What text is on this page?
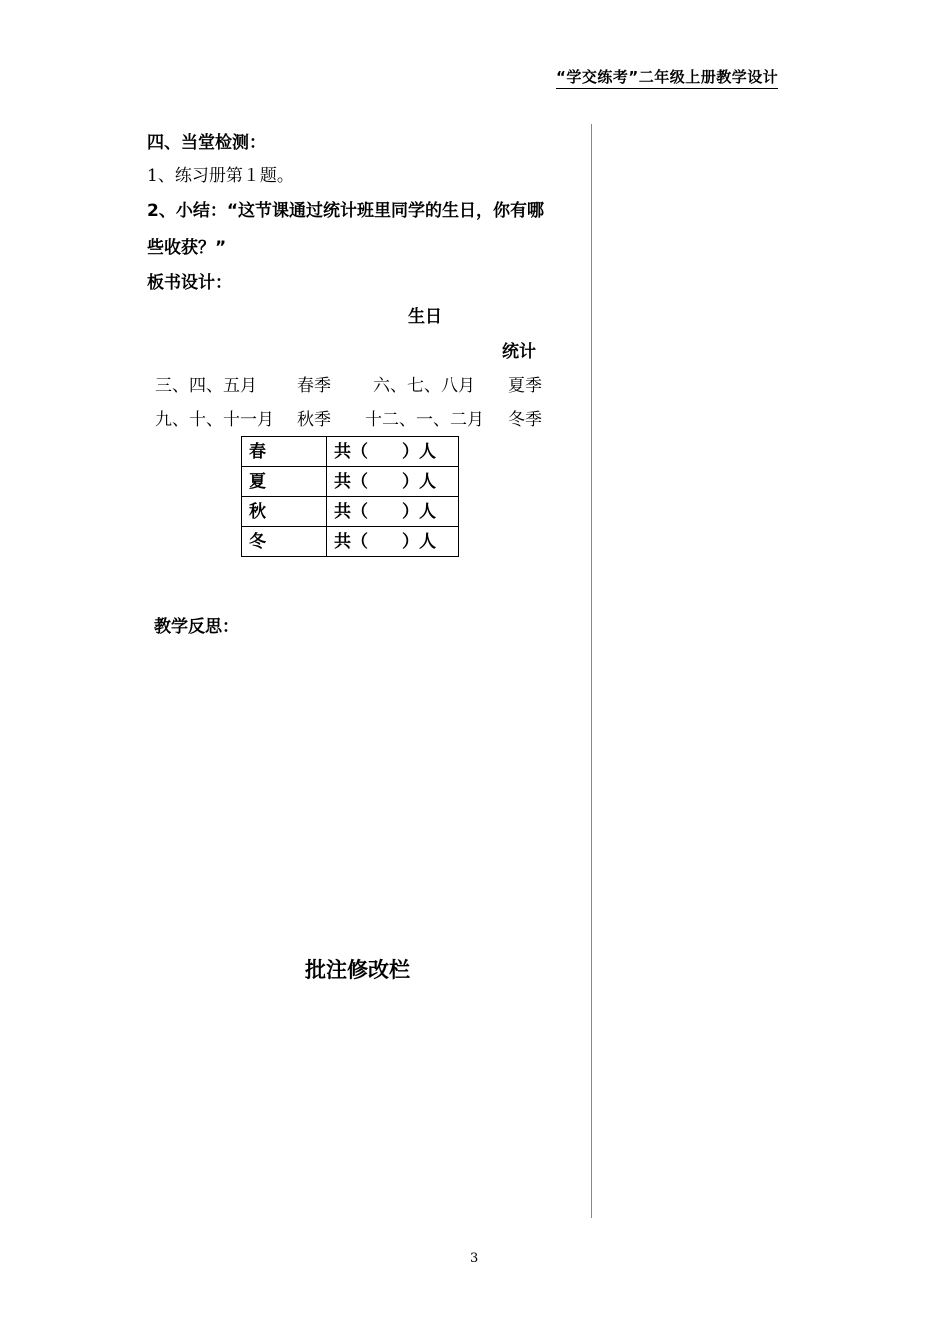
“学交练考”二年级上册教学设计
四、当堂检测：
1、练习册第１题。
2、小结：“这节课通过统计班里同学的生日，你有哪
些收获？”
板书设计：
生日
统计
三、四、五月 春季 六、七、八月 夏季
九、十、十一月 秋季 十二、一、二月 冬季
春	共（　　）人
夏	共（　　）人
秋	共（　　）人
冬	共（　　）人
教学反思：
批注修改栏
3
